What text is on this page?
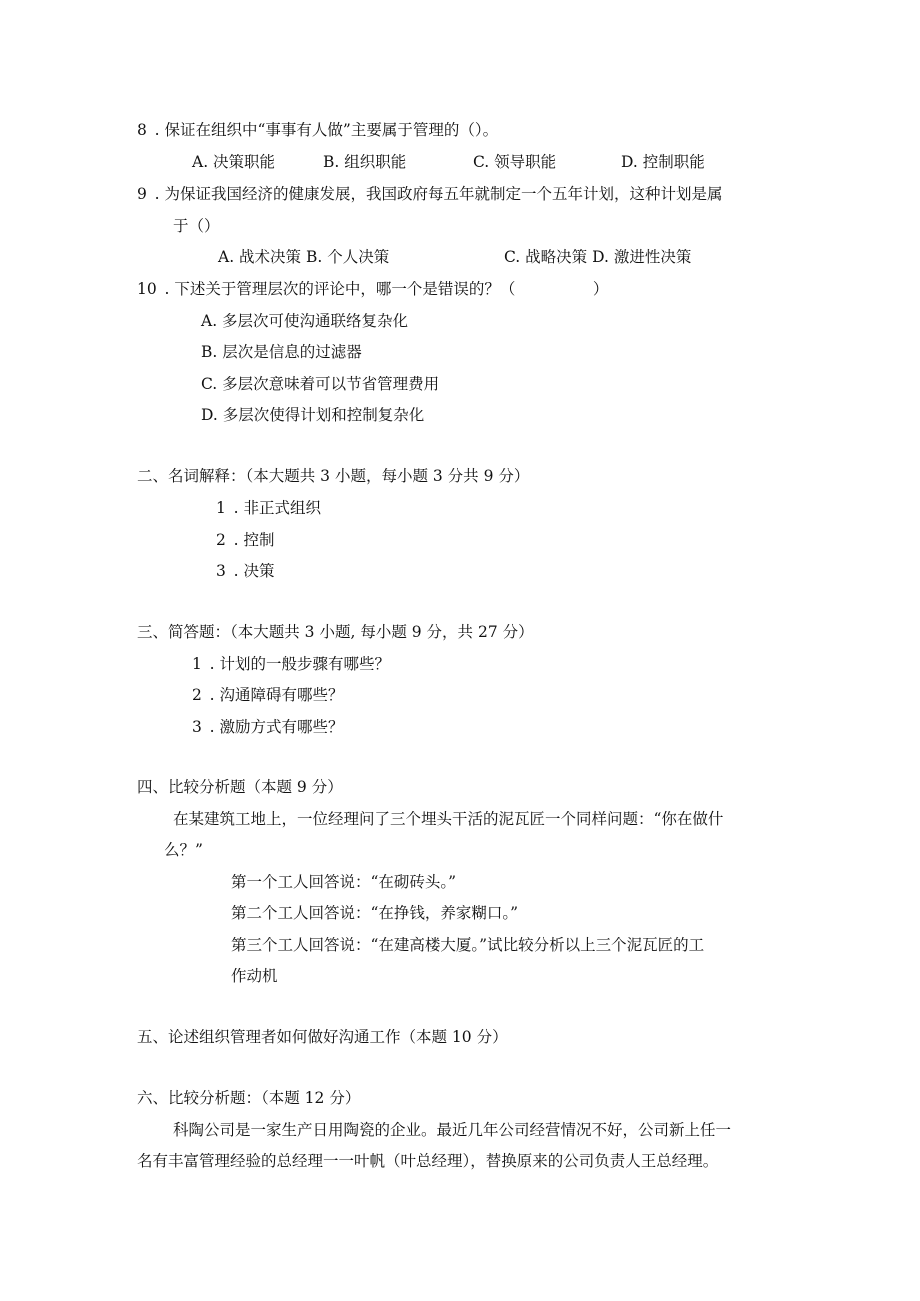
8 . 保证在组织中“事事有人做”主要属于管理的（）。
A. 决策职能	B. 组织职能	C. 领导职能	D. 控制职能
9 . 为保证我国经济的健康发展，我国政府每五年就制定一个五年计划，这种计划是属
于（）
A. 战术决策 B. 个人决策	C. 战略决策 D. 激进性决策
10 . 下述关于管理层次的评论中，哪一个是错误的？（     ）
A. 多层次可使沟通联络复杂化
B. 层次是信息的过滤器
C. 多层次意味着可以节省管理费用
D. 多层次使得计划和控制复杂化
二、名词解释：（本大题共 3 小题，每小题 3 分共 9 分）
1 . 非正式组织
2 . 控制
3 . 决策
三、简答题：（本大题共 3 小题, 每小题 9 分，共 27 分）
1 . 计划的一般步骤有哪些？
2 . 沟通障碍有哪些？
3 . 激励方式有哪些？
四、比较分析题（本题 9 分）
在某建筑工地上，一位经理问了三个埋头干活的泥瓦匠一个同样问题：“你在做什
么？”
第一个工人回答说：“在砌砖头。”
第二个工人回答说：“在挣钱，养家糊口。”
第三个工人回答说：“在建高楼大厦。”试比较分析以上三个泥瓦匠的工
作动机
五、论述组织管理者如何做好沟通工作（本题 10 分）
六、比较分析题：（本题 12 分）
科陶公司是一家生产日用陶瓷的企业。最近几年公司经营情况不好，公司新上任一
名有丰富管理经验的总经理一一叶帆（叶总经理），替换原来的公司负责人王总经理。
